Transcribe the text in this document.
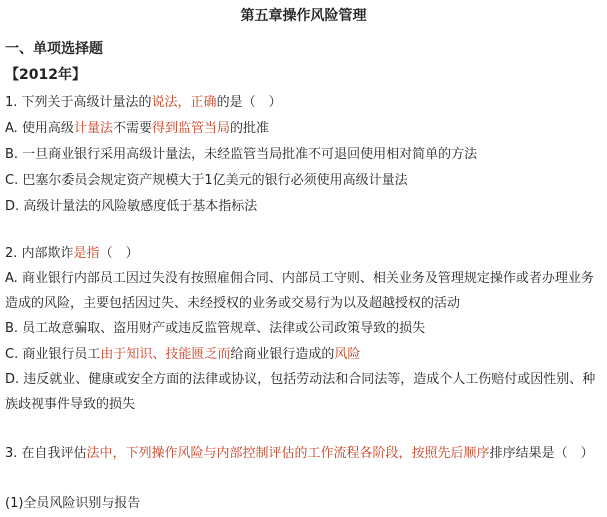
第五章操作风险管理
一、单项选择题
【2012年】
1. 下列关于高级计量法的说法，正确的是（　）
A. 使用高级计量法不需要得到监管当局的批准
B. 一旦商业银行采用高级计量法，未经监管当局批准不可退回使用相对简单的方法
C. 巴塞尔委员会规定资产规模大于1亿美元的银行必须使用高级计量法
D. 高级计量法的风险敏感度低于基本指标法
2. 内部欺诈是指（　）
A. 商业银行内部员工因过失没有按照雇佣合同、内部员工守则、相关业务及管理规定操作或者办理业务造成的风险，主要包括因过失、未经授权的业务或交易行为以及超越授权的活动
B. 员工故意骗取、盗用财产或违反监管规章、法律或公司政策导致的损失
C. 商业银行员工由于知识、技能匮乏而给商业银行造成的风险
D. 违反就业、健康或安全方面的法律或协议，包括劳动法和合同法等，造成个人工伤赔付或因性别、种族歧视事件导致的损失
3. 在自我评估法中，下列操作风险与内部控制评估的工作流程各阶段，按照先后顺序排序结果是（　）
(1)全员风险识别与报告
